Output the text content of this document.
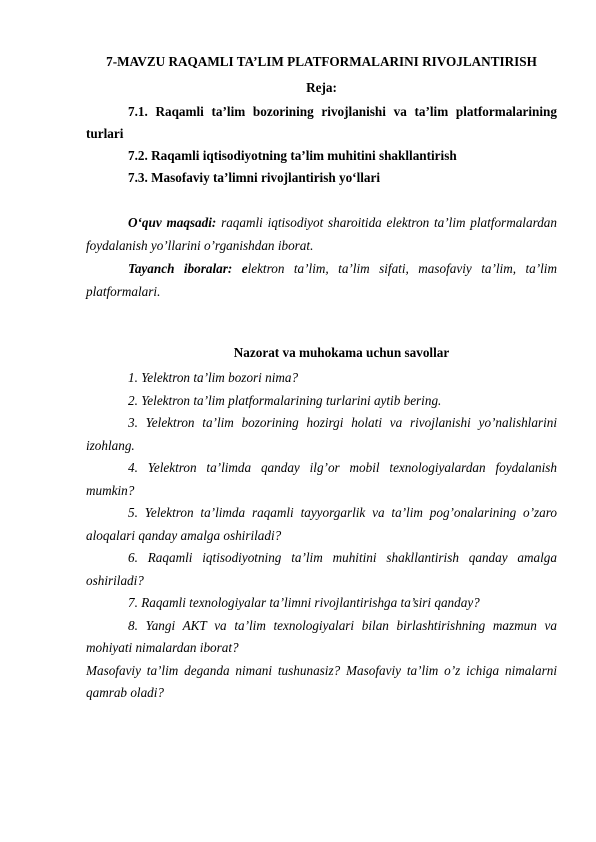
7-MAVZU RAQAMLI TA’LIM PLATFORMALARINI RIVOJLANTIRISH
Reja:
7.1. Raqamli ta’lim bozorining rivojlanishi va ta’lim platformalarining turlari
7.2. Raqamli iqtisodiyotning ta’lim muhitini shakllantirish
7.3. Masofaviy ta’limni rivojlantirish yo‘llari
O‘quv maqsadi: raqamli iqtisodiyot sharoitida elektron ta’lim platformalardan foydalanish yo’llarini o’rganishdan iborat.
Tayanch iboralar: elektron ta’lim, ta’lim sifati, masofaviy ta’lim, ta’lim platformalari.
Nazorat va muhokama uchun savollar
1. Yelektron ta’lim bozori nima?
2. Yelektron ta’lim platformalarining turlarini aytib bering.
3. Yelektron ta’lim bozorining hozirgi holati va rivojlanishi yo’nalishlarini izohlang.
4. Yelektron ta’limda qanday ilg’or mobil texnologiyalardan foydalanish mumkin?
5. Yelektron ta’limda raqamli tayyorgarlik va ta’lim pog’onalarining o’zaro aloqalari qanday amalga oshiriladi?
6. Raqamli iqtisodiyotning ta’lim muhitini shakllantirish qanday amalga oshiriladi?
7. Raqamli texnologiyalar ta’limni rivojlantirishga ta’siri qanday?
8. Yangi AKT va ta’lim texnologiyalari bilan birlashtirishning mazmun va mohiyati nimalardan iborat?
Masofaviy ta’lim deganda nimani tushunasiz? Masofaviy ta’lim o’z ichiga nimalarni qamrab oladi?
